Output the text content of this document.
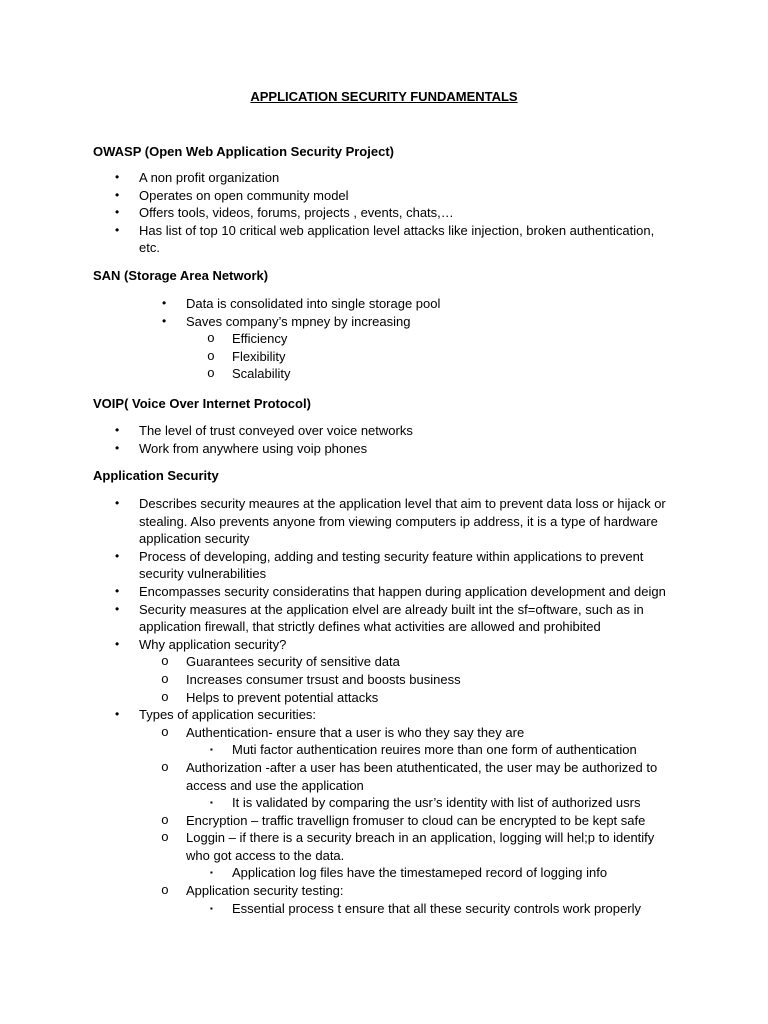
APPLICATION SECURITY FUNDAMENTALS
OWASP (Open Web Application Security Project)
• A non profit organization
• Operates on open community model
• Offers tools, videos, forums, projects , events, chats,…
• Has list of top 10 critical web application level attacks like injection, broken authentication, etc.
SAN (Storage Area Network)
• Data is consolidated into single storage pool
• Saves company’s mpney by increasing
o Efficiency
o Flexibility
o Scalability
VOIP( Voice Over Internet Protocol)
• The level of trust conveyed over voice networks
• Work from anywhere using voip phones
Application Security
• Describes security meaures at the application level that aim to prevent data loss or hijack or stealing. Also prevents anyone from viewing computers ip address, it is a type of hardware application security
• Process of developing, adding and testing security feature within applications to prevent security vulnerabilities
• Encompasses security consideratins that happen during application development and deign
• Security measures at the application elvel are already built int the sf=oftware, such as in application firewall, that strictly defines what activities are allowed and prohibited
• Why application security?
o Guarantees security of sensitive data
o Increases consumer trsust and boosts business
o Helps to prevent potential attacks
• Types of application securities:
o Authentication- ensure that a user is who they say they are
▪ Muti factor authentication reuires more than one form of authentication
o Authorization -after a user has been atuthenticated, the user may be authorized to access and use the application
▪ It is validated by comparing the usr’s identity with list of authorized usrs
o Encryption – traffic travellign fromuser to cloud can be encrypted to be kept safe
o Loggin – if there is a security breach in an application, logging will hel;p to identify who got access to the data.
▪ Application log files have the timestameped record of logging info
o Application security testing:
▪ Essential process t ensure that all these security controls work properly
